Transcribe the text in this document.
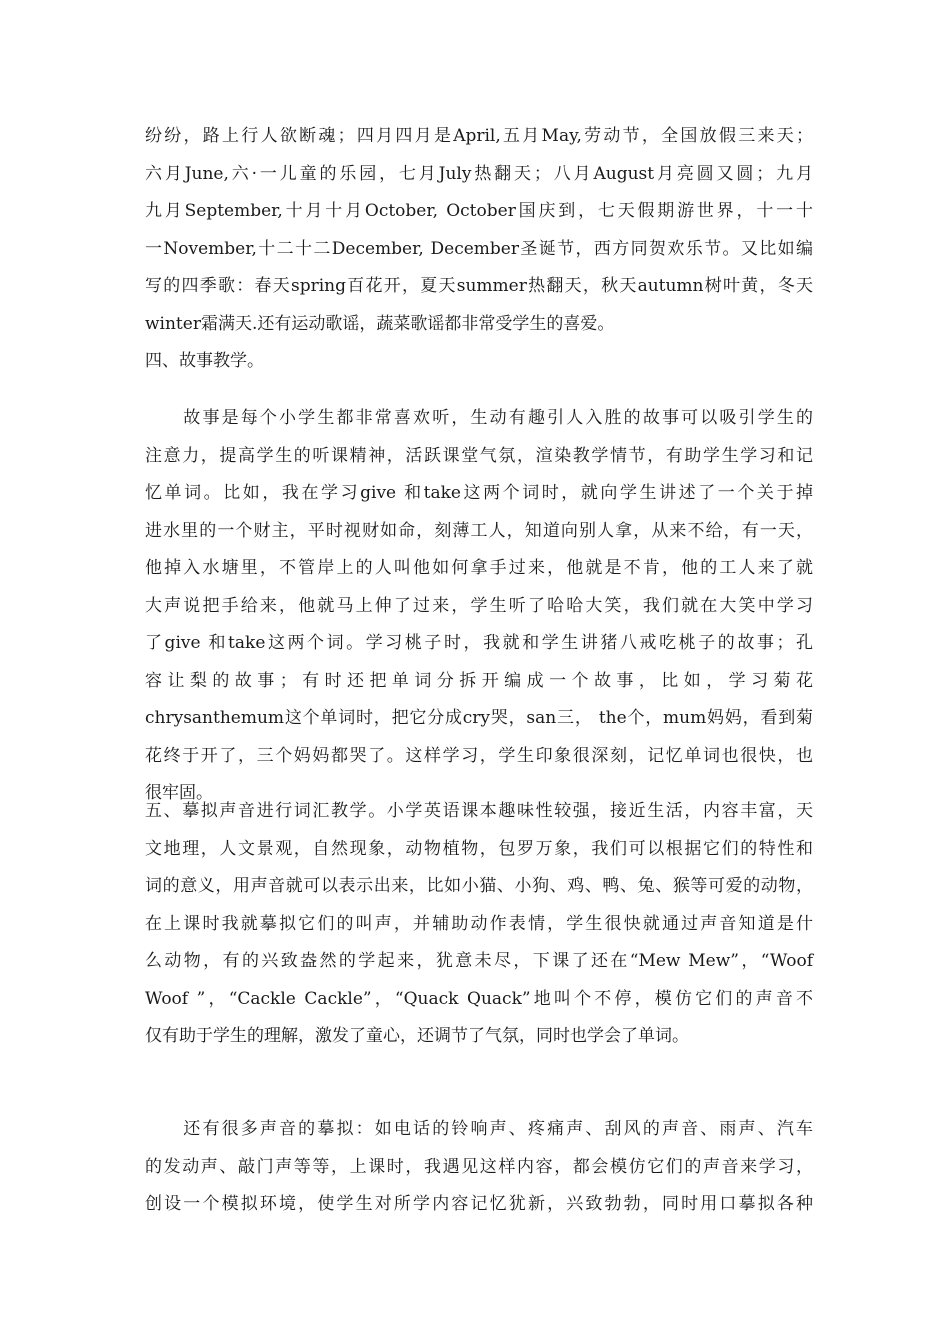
纷纷，路上行人欲断魂；四月四月是April,五月May,劳动节，全国放假三来天；
六月June,六·一儿童的乐园，七月July热翻天；八月August月亮圆又圆；九月
九月September,十月十月October, October国庆到，七天假期游世界，十一十
一November,十二十二December, December圣诞节，西方同贺欢乐节。又比如编
写的四季歌：春天spring百花开，夏天summer热翻天，秋天autumn树叶黄，冬天
winter霜满天.还有运动歌谣，蔬菜歌谣都非常受学生的喜爱。
四、故事教学。
　　故事是每个小学生都非常喜欢听，生动有趣引人入胜的故事可以吸引学生的
注意力，提高学生的听课精神，活跃课堂气氛，渲染教学情节，有助学生学习和记
忆单词。比如，我在学习give 和take这两个词时，就向学生讲述了一个关于掉
进水里的一个财主，平时视财如命，刻薄工人，知道向别人拿，从来不给，有一天，
他掉入水塘里，不管岸上的人叫他如何拿手过来，他就是不肯，他的工人来了就
大声说把手给来，他就马上伸了过来，学生听了哈哈大笑，我们就在大笑中学习
了give 和take这两个词。学习桃子时，我就和学生讲猪八戒吃桃子的故事；孔
容让梨的故事；有时还把单词分拆开编成一个故事，比如，学习菊花
chrysanthemum这个单词时，把它分成cry哭，san三， the个，mum妈妈，看到菊
花终于开了，三个妈妈都哭了。这样学习，学生印象很深刻，记忆单词也很快，也
很牢固。
五、摹拟声音进行词汇教学。小学英语课本趣味性较强，接近生活，内容丰富，天
文地理，人文景观，自然现象，动物植物，包罗万象，我们可以根据它们的特性和
词的意义，用声音就可以表示出来，比如小猫、小狗、鸡、鸭、兔、猴等可爱的动物，
在上课时我就摹拟它们的叫声，并辅助动作表情，学生很快就通过声音知道是什
么动物，有的兴致盎然的学起来，犹意未尽，下课了还在“Mew Mew”，“Woof
Woof ”，“Cackle Cackle”，“Quack Quack”地叫个不停，模仿它们的声音不
仅有助于学生的理解，激发了童心，还调节了气氛，同时也学会了单词。
　　还有很多声音的摹拟：如电话的铃响声、疼痛声、刮风的声音、雨声、汽车
的发动声、敲门声等等，上课时，我遇见这样内容，都会模仿它们的声音来学习，
创设一个模拟环境，使学生对所学内容记忆犹新，兴致勃勃，同时用口摹拟各种
